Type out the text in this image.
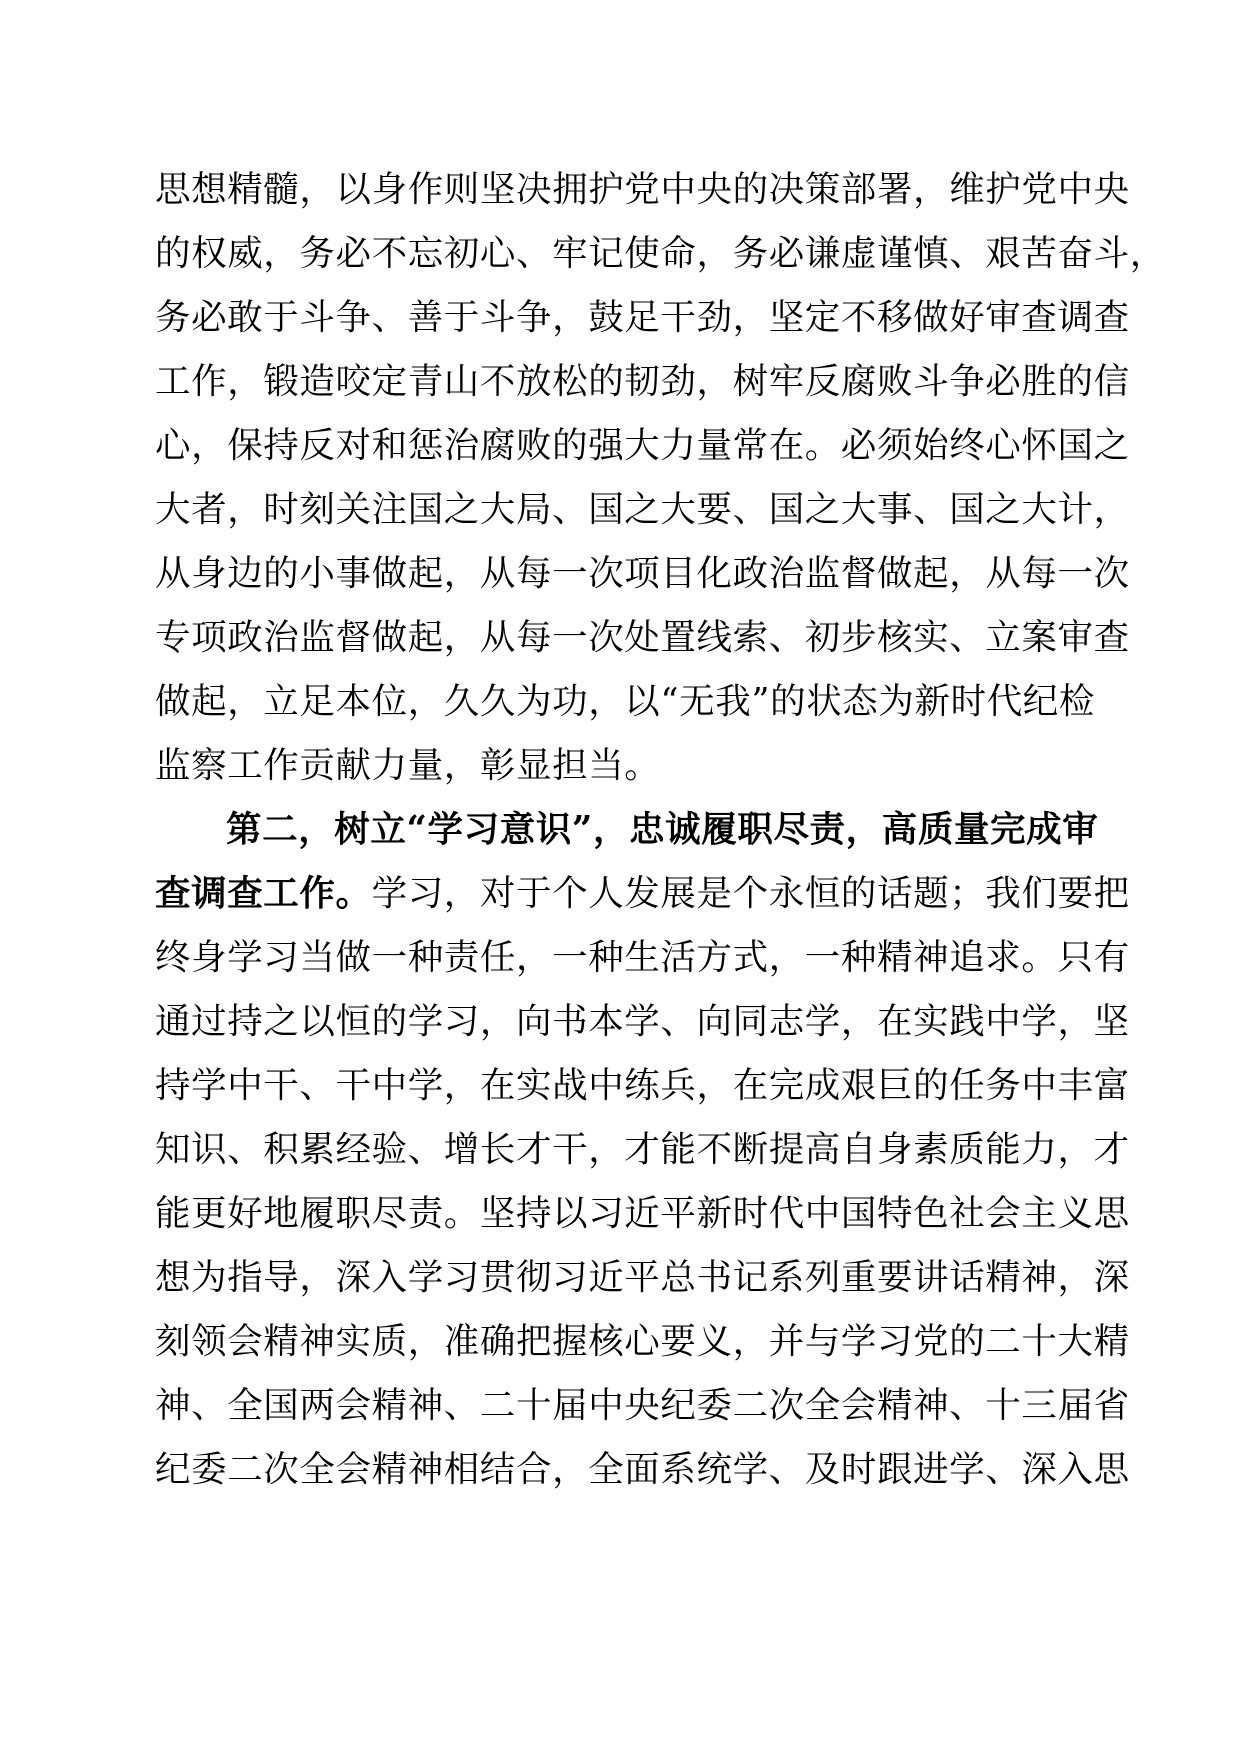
思想精髓，以身作则坚决拥护党中央的决策部署，维护党中央
的权威，务必不忘初心、牢记使命，务必谦虚谨慎、艰苦奋斗，
务必敢于斗争、善于斗争，鼓足干劲，坚定不移做好审查调查
工作，锻造咬定青山不放松的韧劲，树牢反腐败斗争必胜的信
心，保持反对和惩治腐败的强大力量常在。必须始终心怀国之
大者，时刻关注国之大局、国之大要、国之大事、国之大计，
从身边的小事做起，从每一次项目化政治监督做起，从每一次
专项政治监督做起，从每一次处置线索、初步核实、立案审查
做起，立足本位，久久为功，以“无我”的状态为新时代纪检
监察工作贡献力量，彰显担当。
第二，树立“学习意识”，忠诚履职尽责，高质量完成审
查调查工作。学习，对于个人发展是个永恒的话题；我们要把
终身学习当做一种责任，一种生活方式，一种精神追求。只有
通过持之以恒的学习，向书本学、向同志学，在实践中学，坚
持学中干、干中学，在实战中练兵，在完成艰巨的任务中丰富
知识、积累经验、增长才干，才能不断提高自身素质能力，才
能更好地履职尽责。坚持以习近平新时代中国特色社会主义思
想为指导，深入学习贯彻习近平总书记系列重要讲话精神，深
刻领会精神实质，准确把握核心要义，并与学习党的二十大精
神、全国两会精神、二十届中央纪委二次全会精神、十三届省
纪委二次全会精神相结合，全面系统学、及时跟进学、深入思
